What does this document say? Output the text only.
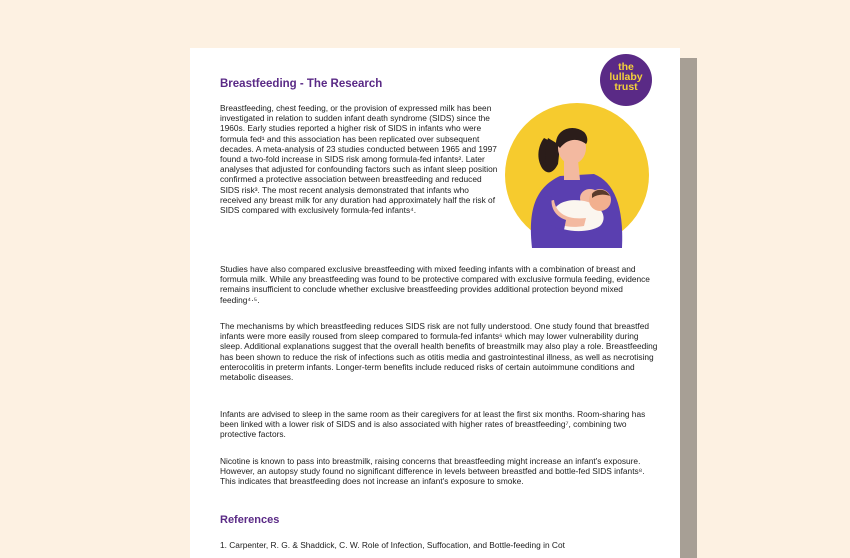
the
lullaby
trust
Breastfeeding - The Research

Breastfeeding, chest feeding, or the provision of expressed milk has been investigated in relation to sudden infant death syndrome (SIDS) since the 1960s. Early studies reported a higher risk of SIDS in infants who were formula fed¹ and this association has been replicated over subsequent decades. A meta-analysis of 23 studies conducted between 1965 and 1997 found a two-fold increase in SIDS risk among formula-fed infants². Later analyses that adjusted for confounding factors such as infant sleep position confirmed a protective association between breastfeeding and reduced SIDS risk³. The most recent analysis demonstrated that infants who received any breast milk for any duration had approximately half the risk of SIDS compared with exclusively formula-fed infants⁴.

Studies have also compared exclusive breastfeeding with mixed feeding infants with a combination of breast and formula milk. While any breastfeeding was found to be protective compared with exclusive formula feeding, evidence remains insufficient to conclude whether exclusive breastfeeding provides additional protection beyond mixed feeding⁴·⁵.

The mechanisms by which breastfeeding reduces SIDS risk are not fully understood. One study found that breastfed infants were more easily roused from sleep compared to formula-fed infants⁶ which may lower vulnerability during sleep. Additional explanations suggest that the overall health benefits of breastmilk may also play a role. Breastfeeding has been shown to reduce the risk of infections such as otitis media and gastrointestinal illness, as well as necrotising enterocolitis in preterm infants. Longer-term benefits include reduced risks of certain autoimmune conditions and metabolic diseases.

Infants are advised to sleep in the same room as their caregivers for at least the first six months. Room-sharing has been linked with a lower risk of SIDS and is also associated with higher rates of breastfeeding⁷, combining two protective factors.

Nicotine is known to pass into breastmilk, raising concerns that breastfeeding might increase an infant's exposure. However, an autopsy study found no significant difference in levels between breastfed and bottle-fed SIDS infants⁸. This indicates that breastfeeding does not increase an infant's exposure to smoke.

References

1. Carpenter, R. G. & Shaddick, C. W. Role of Infection, Suffocation, and Bottle-feeding in Cot
